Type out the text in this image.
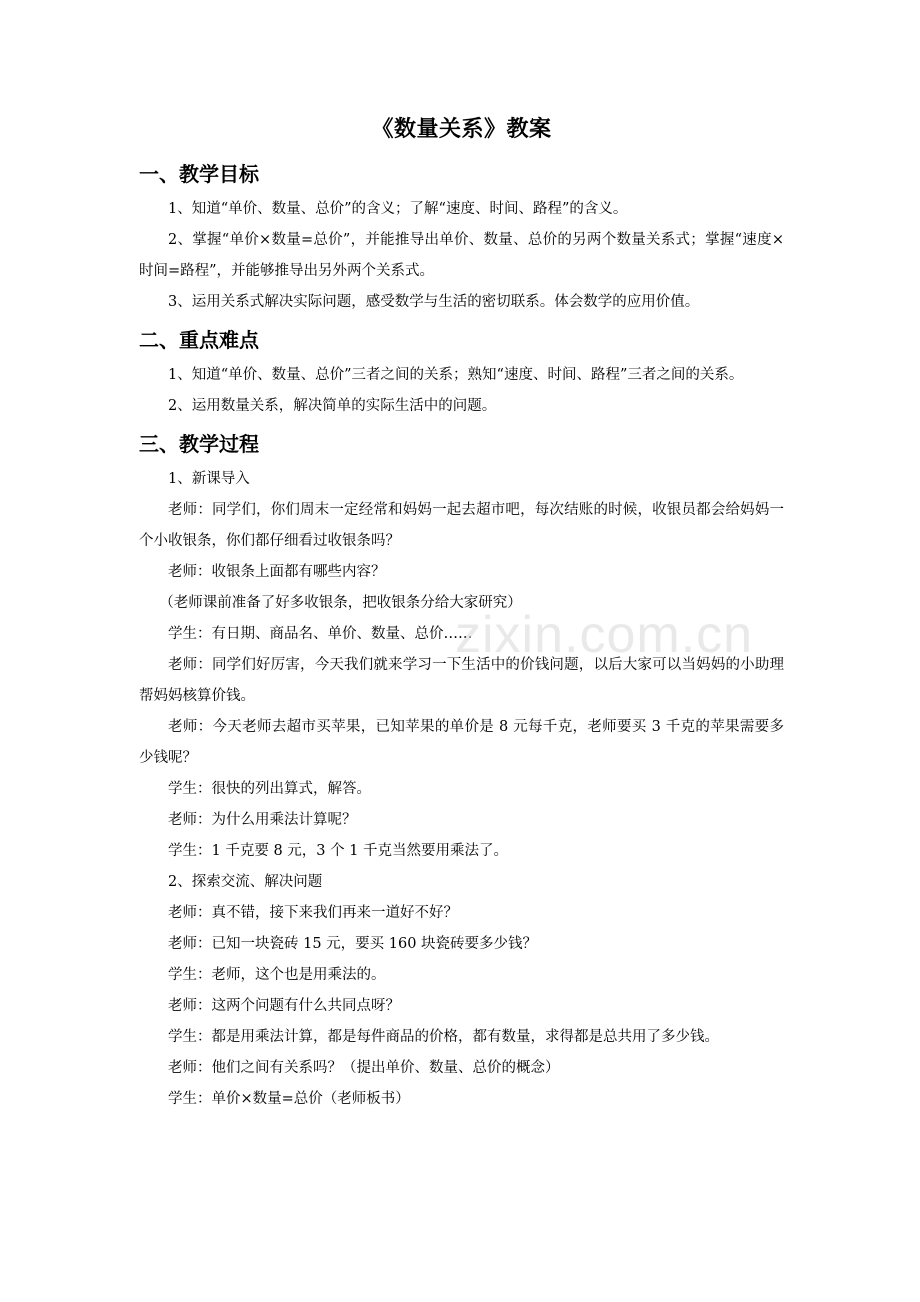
《数量关系》教案
一、教学目标

1、知道“单价、数量、总价”的含义；了解“速度、时间、路程”的含义。

2、掌握“单价×数量=总价”，并能推导出单价、数量、总价的另两个数量关系式；掌握“速度×时间=路程”，并能够推导出另外两个关系式。

3、运用关系式解决实际问题，感受数学与生活的密切联系。体会数学的应用价值。

二、重点难点

1、知道“单价、数量、总价”三者之间的关系；熟知“速度、时间、路程”三者之间的关系。

2、运用数量关系，解决简单的实际生活中的问题。

三、教学过程

1、新课导入

老师：同学们，你们周末一定经常和妈妈一起去超市吧，每次结账的时候，收银员都会给妈妈一个小收银条，你们都仔细看过收银条吗？

老师：收银条上面都有哪些内容？

（老师课前准备了好多收银条，把收银条分给大家研究）

学生：有日期、商品名、单价、数量、总价……

老师：同学们好厉害，今天我们就来学习一下生活中的价钱问题，以后大家可以当妈妈的小助理帮妈妈核算价钱。

老师：今天老师去超市买苹果，已知苹果的单价是 8 元每千克，老师要买 3 千克的苹果需要多少钱呢？

学生：很快的列出算式，解答。

老师：为什么用乘法计算呢？

学生：1 千克要 8 元，3 个 1 千克当然要用乘法了。

2、探索交流、解决问题

老师：真不错，接下来我们再来一道好不好？

老师：已知一块瓷砖 15 元，要买 160 块瓷砖要多少钱？

学生：老师，这个也是用乘法的。

老师：这两个问题有什么共同点呀？

学生：都是用乘法计算，都是每件商品的价格，都有数量，求得都是总共用了多少钱。

老师：他们之间有关系吗？（提出单价、数量、总价的概念）

学生：单价×数量=总价（老师板书）

zixin.com.cn
